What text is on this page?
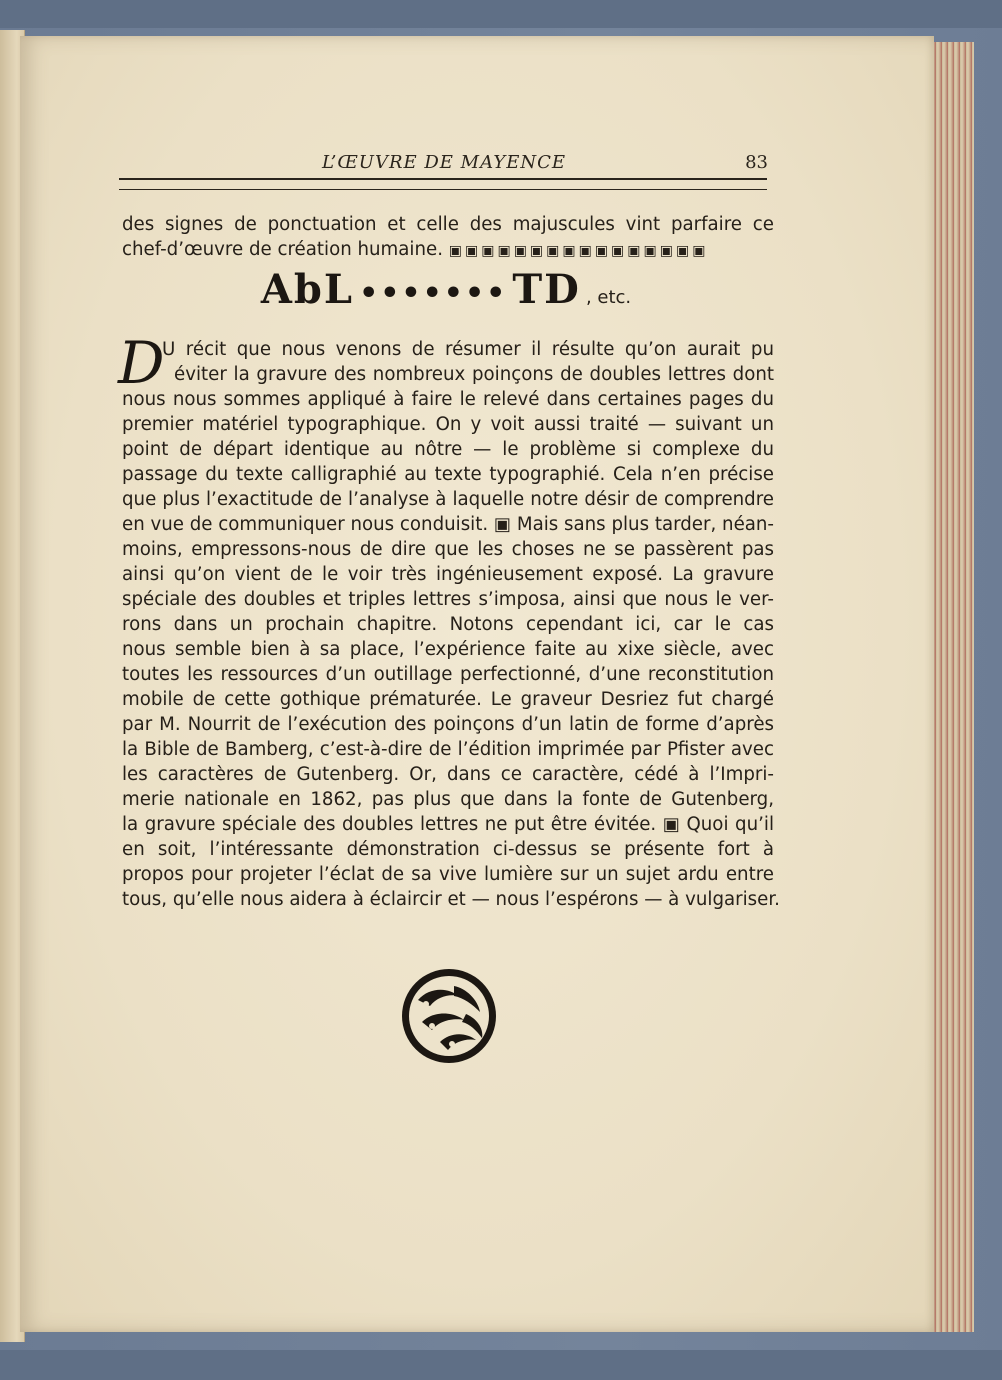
L’ŒUVRE DE MAYENCE	83
des signes de ponctuation et celle des majuscules vint parfaire ce
chef-d’œuvre de création humaine. ▣▣▣▣▣▣▣▣▣▣▣▣▣▣▣▣
AbL ••••••• TD , etc.
D
U récit que nous venons de résumer il résulte qu’on aurait pu
éviter la gravure des nombreux poinçons de doubles lettres dont
nous nous sommes appliqué à faire le relevé dans certaines pages du
premier matériel typographique. On y voit aussi traité — suivant un
point de départ identique au nôtre — le problème si complexe du
passage du texte calligraphié au texte typographié. Cela n’en précise
que plus l’exactitude de l’analyse à laquelle notre désir de comprendre
en vue de communiquer nous conduisit. ▣ Mais sans plus tarder, néan-
moins, empressons-nous de dire que les choses ne se passèrent pas
ainsi qu’on vient de le voir très ingénieusement exposé. La gravure
spéciale des doubles et triples lettres s’imposa, ainsi que nous le ver-
rons dans un prochain chapitre. Notons cependant ici, car le cas
nous semble bien à sa place, l’expérience faite au xixe siècle, avec
toutes les ressources d’un outillage perfectionné, d’une reconstitution
mobile de cette gothique prématurée. Le graveur Desriez fut chargé
par M. Nourrit de l’exécution des poinçons d’un latin de forme d’après
la Bible de Bamberg, c’est-à-dire de l’édition imprimée par Pfister avec
les caractères de Gutenberg. Or, dans ce caractère, cédé à l’Impri-
merie nationale en 1862, pas plus que dans la fonte de Gutenberg,
la gravure spéciale des doubles lettres ne put être évitée. ▣ Quoi qu’il
en soit, l’intéressante démonstration ci-dessus se présente fort à
propos pour projeter l’éclat de sa vive lumière sur un sujet ardu entre
tous, qu’elle nous aidera à éclaircir et — nous l’espérons — à vulgariser.
